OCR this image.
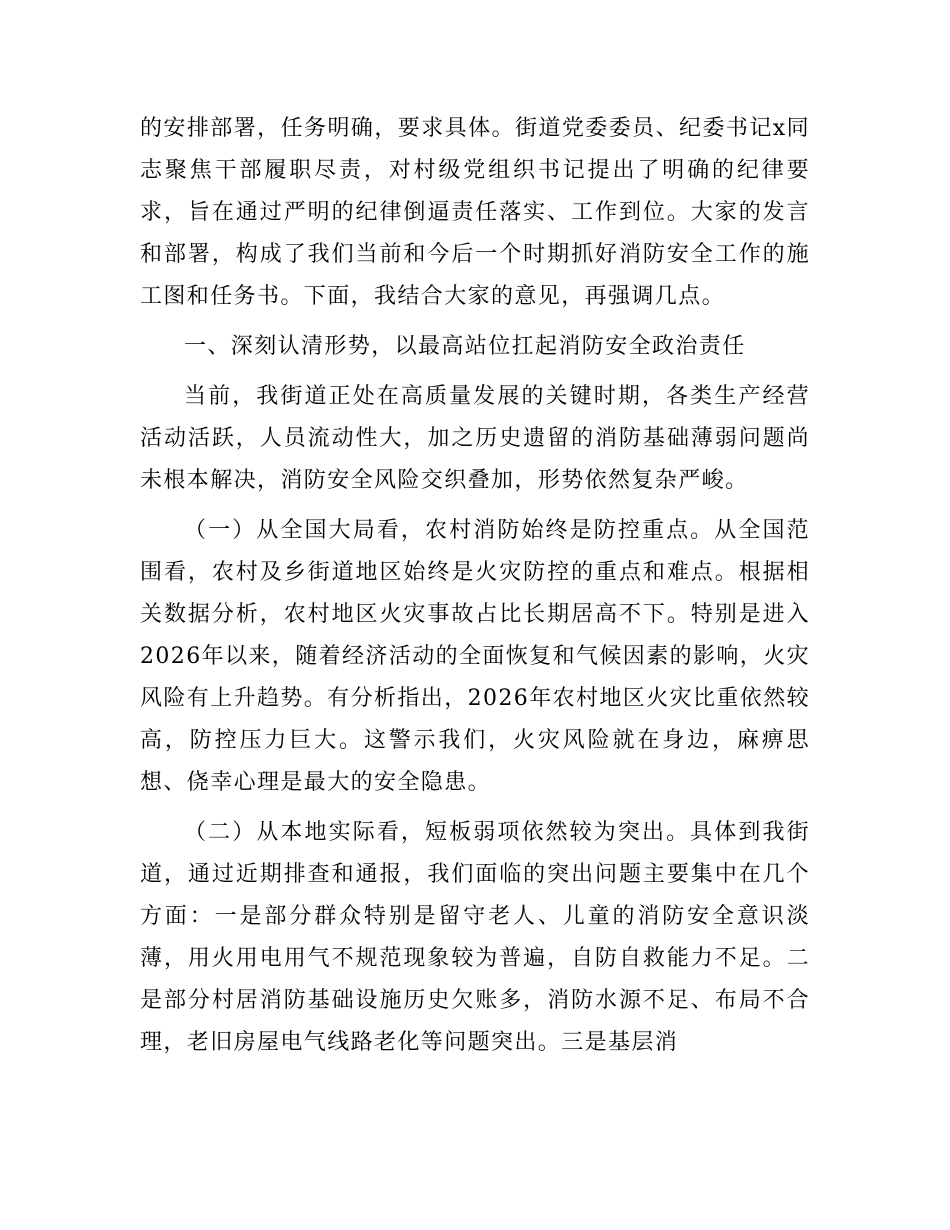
的安排部署，任务明确，要求具体。街道党委委员、纪委书记x同志聚焦干部履职尽责，对村级党组织书记提出了明确的纪律要求，旨在通过严明的纪律倒逼责任落实、工作到位。大家的发言和部署，构成了我们当前和今后一个时期抓好消防安全工作的施工图和任务书。下面，我结合大家的意见，再强调几点。

一、深刻认清形势，以最高站位扛起消防安全政治责任

当前，我街道正处在高质量发展的关键时期，各类生产经营活动活跃，人员流动性大，加之历史遗留的消防基础薄弱问题尚未根本解决，消防安全风险交织叠加，形势依然复杂严峻。

（一）从全国大局看，农村消防始终是防控重点。从全国范围看，农村及乡街道地区始终是火灾防控的重点和难点。根据相关数据分析，农村地区火灾事故占比长期居高不下。特别是进入2026年以来，随着经济活动的全面恢复和气候因素的影响，火灾风险有上升趋势。有分析指出，2026年农村地区火灾比重依然较高，防控压力巨大。这警示我们，火灾风险就在身边，麻痹思想、侥幸心理是最大的安全隐患。

（二）从本地实际看，短板弱项依然较为突出。具体到我街道，通过近期排查和通报，我们面临的突出问题主要集中在几个方面：一是部分群众特别是留守老人、儿童的消防安全意识淡薄，用火用电用气不规范现象较为普遍，自防自救能力不足。二是部分村居消防基础设施历史欠账多，消防水源不足、布局不合理，老旧房屋电气线路老化等问题突出。三是基层消
